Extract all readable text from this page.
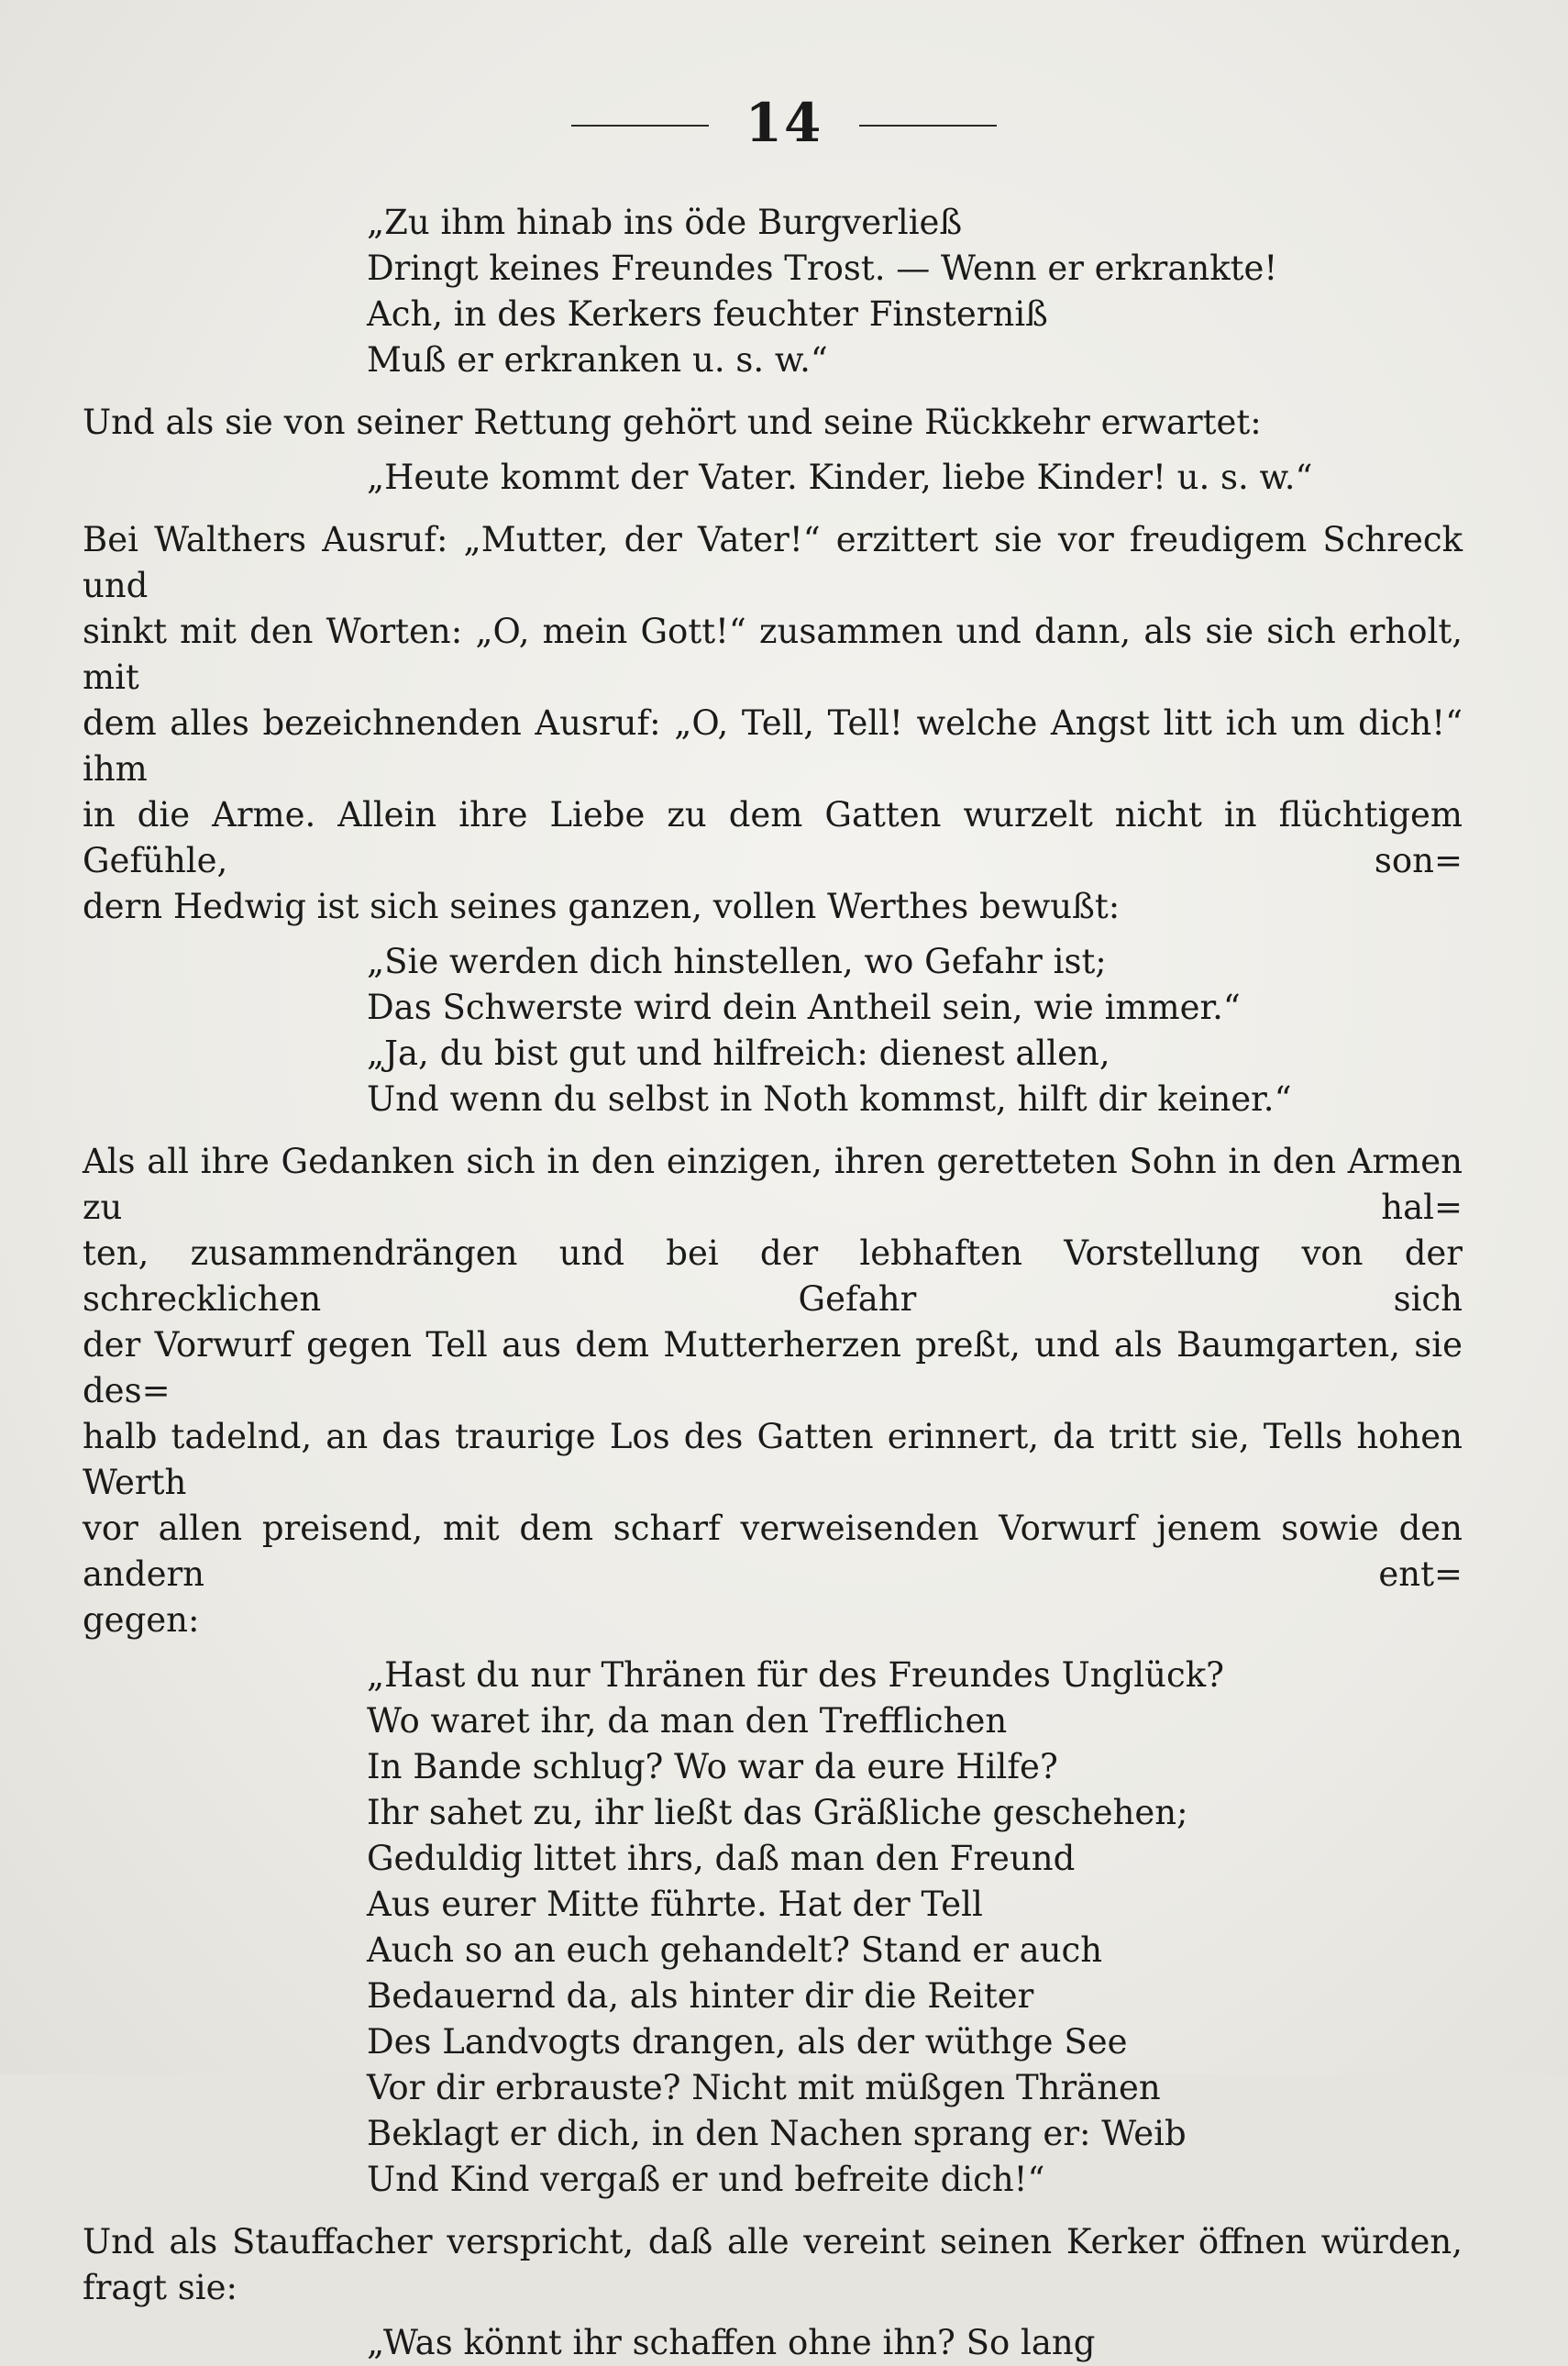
14
„Zu ihm hinab ins öde Burgverließ
Dringt keines Freundes Trost. — Wenn er erkrankte!
Ach, in des Kerkers feuchter Finsterniß
Muß er erkranken u. s. w.“
Und als sie von seiner Rettung gehört und seine Rückkehr erwartet:
„Heute kommt der Vater. Kinder, liebe Kinder! u. s. w.“
Bei Walthers Ausruf: „Mutter, der Vater!“ erzittert sie vor freudigem Schreck und
sinkt mit den Worten: „O, mein Gott!“ zusammen und dann, als sie sich erholt, mit
dem alles bezeichnenden Ausruf: „O, Tell, Tell! welche Angst litt ich um dich!“ ihm
in die Arme. Allein ihre Liebe zu dem Gatten wurzelt nicht in flüchtigem Gefühle, son=
dern Hedwig ist sich seines ganzen, vollen Werthes bewußt:
„Sie werden dich hinstellen, wo Gefahr ist;
Das Schwerste wird dein Antheil sein, wie immer.“
„Ja, du bist gut und hilfreich: dienest allen,
Und wenn du selbst in Noth kommst, hilft dir keiner.“
Als all ihre Gedanken sich in den einzigen, ihren geretteten Sohn in den Armen zu hal=
ten, zusammendrängen und bei der lebhaften Vorstellung von der schrecklichen Gefahr sich
der Vorwurf gegen Tell aus dem Mutterherzen preßt, und als Baumgarten, sie des=
halb tadelnd, an das traurige Los des Gatten erinnert, da tritt sie, Tells hohen Werth
vor allen preisend, mit dem scharf verweisenden Vorwurf jenem sowie den andern ent=
gegen:
„Hast du nur Thränen für des Freundes Unglück?
Wo waret ihr, da man den Trefflichen
In Bande schlug? Wo war da eure Hilfe?
Ihr sahet zu, ihr ließt das Gräßliche geschehen;
Geduldig littet ihrs, daß man den Freund
Aus eurer Mitte führte. Hat der Tell
Auch so an euch gehandelt? Stand er auch
Bedauernd da, als hinter dir die Reiter
Des Landvogts drangen, als der wüthge See
Vor dir erbrauste? Nicht mit müßgen Thränen
Beklagt er dich, in den Nachen sprang er: Weib
Und Kind vergaß er und befreite dich!“
Und als Stauffacher verspricht, daß alle vereint seinen Kerker öffnen würden, fragt sie:
„Was könnt ihr schaffen ohne ihn? So lang
